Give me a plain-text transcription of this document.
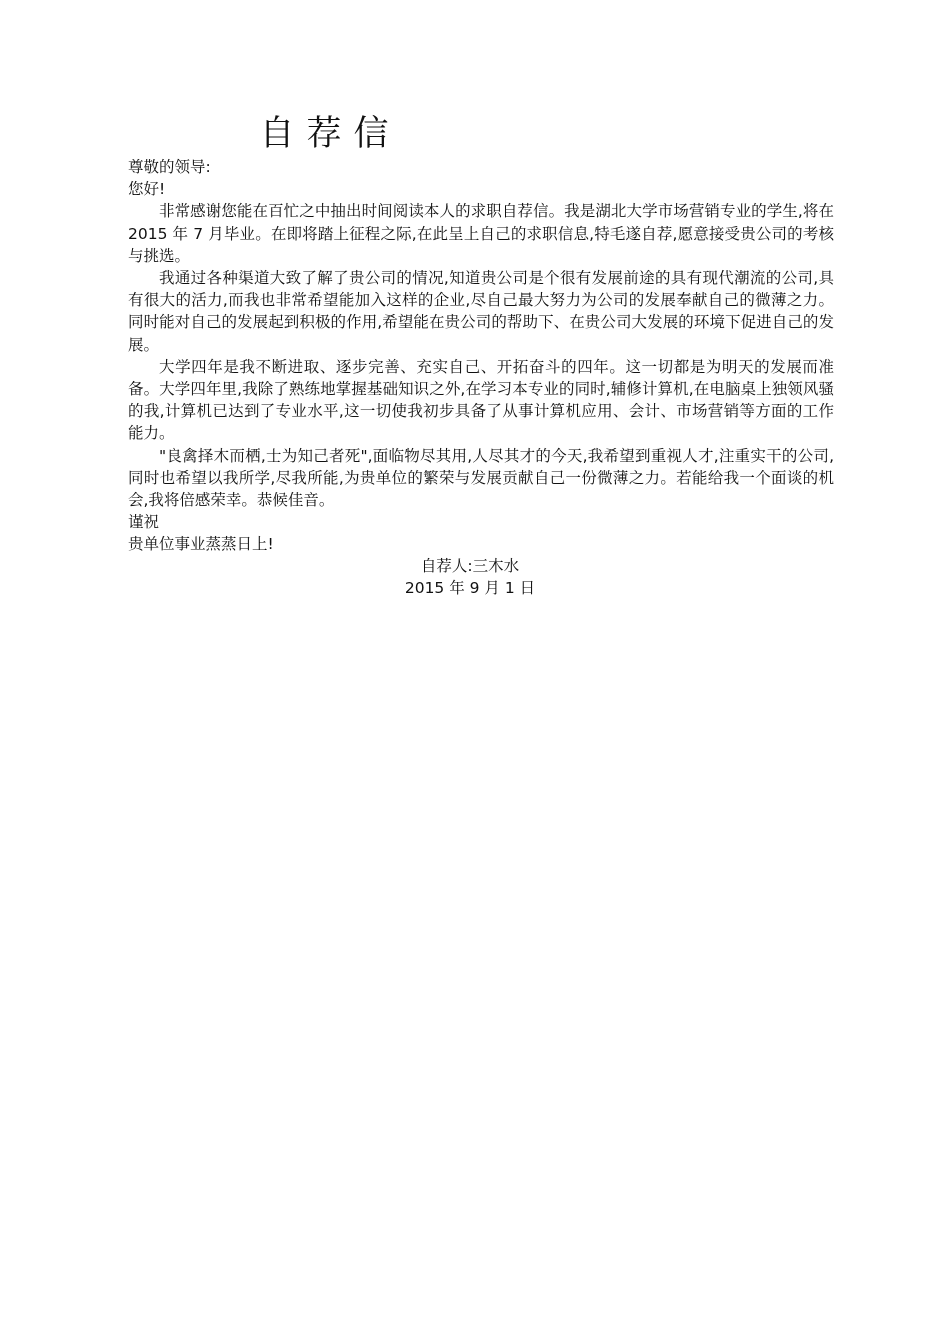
自荐信

尊敬的领导:

您好!

非常感谢您能在百忙之中抽出时间阅读本人的求职自荐信。我是湖北大学市场营销专业的学生,将在 2015 年 7 月毕业。在即将踏上征程之际,在此呈上自己的求职信息,特毛遂自荐,愿意接受贵公司的考核与挑选。

我通过各种渠道大致了解了贵公司的情况,知道贵公司是个很有发展前途的具有现代潮流的公司,具有很大的活力,而我也非常希望能加入这样的企业,尽自己最大努力为公司的发展奉献自己的微薄之力。同时能对自己的发展起到积极的作用,希望能在贵公司的帮助下、在贵公司大发展的环境下促进自己的发展。

大学四年是我不断进取、逐步完善、充实自己、开拓奋斗的四年。这一切都是为明天的发展而准备。大学四年里,我除了熟练地掌握基础知识之外,在学习本专业的同时,辅修计算机,在电脑桌上独领风骚的我,计算机已达到了专业水平,这一切使我初步具备了从事计算机应用、会计、市场营销等方面的工作能力。

"良禽择木而栖,士为知己者死",面临物尽其用,人尽其才的今天,我希望到重视人才,注重实干的公司,同时也希望以我所学,尽我所能,为贵单位的繁荣与发展贡献自己一份微薄之力。若能给我一个面谈的机会,我将倍感荣幸。恭候佳音。

谨祝

贵单位事业蒸蒸日上!

自荐人:三木水
2015 年 9 月 1 日
